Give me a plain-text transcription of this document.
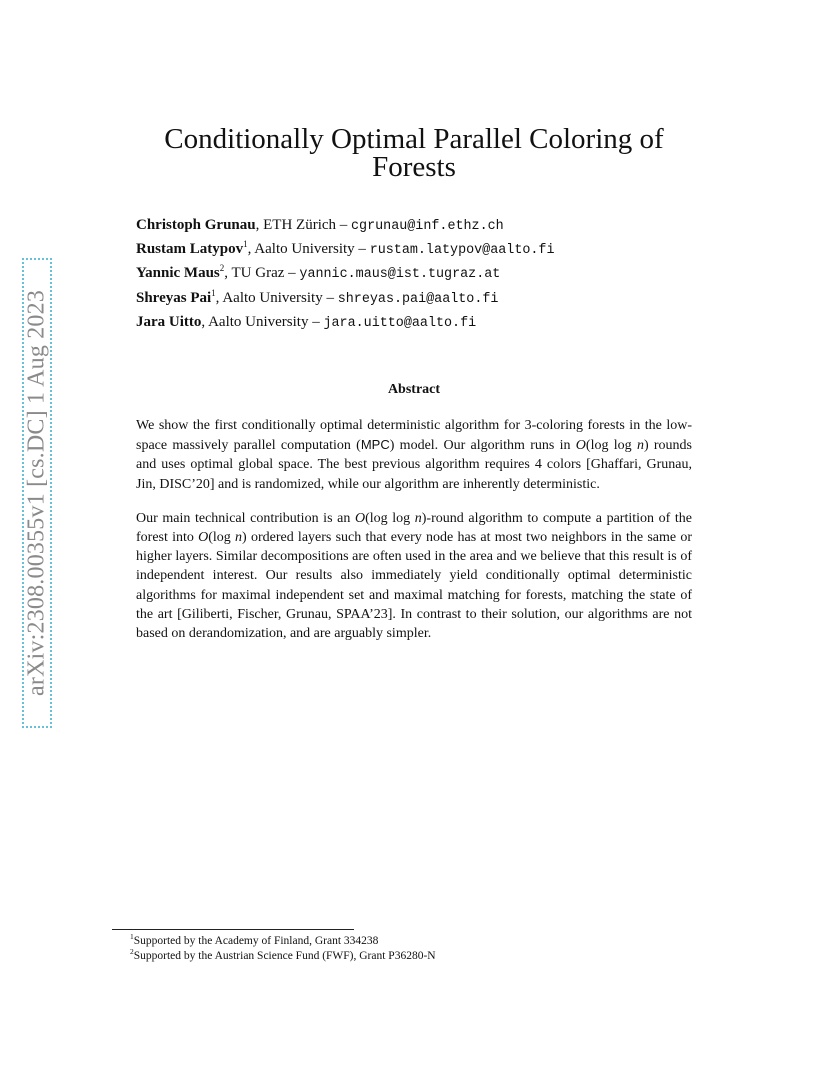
arXiv:2308.00355v1 [cs.DC] 1 Aug 2023
Conditionally Optimal Parallel Coloring of Forests
Christoph Grunau, ETH Zürich – cgrunau@inf.ethz.ch
Rustam Latypov$^1$, Aalto University – rustam.latypov@aalto.fi
Yannic Maus$^2$, TU Graz – yannic.maus@ist.tugraz.at
Shreyas Pai$^1$, Aalto University – shreyas.pai@aalto.fi
Jara Uitto, Aalto University – jara.uitto@aalto.fi
Abstract

We show the first conditionally optimal deterministic algorithm for 3-coloring forests in the low-space massively parallel computation (MPC) model. Our algorithm runs in O(log log n) rounds and uses optimal global space. The best previous algorithm requires 4 colors [Ghaffari, Grunau, Jin, DISC’20] and is randomized, while our algorithm are inherently deterministic.

Our main technical contribution is an O(log log n)-round algorithm to compute a partition of the forest into O(log n) ordered layers such that every node has at most two neighbors in the same or higher layers. Similar decompositions are often used in the area and we believe that this result is of independent interest. Our results also immediately yield conditionally optimal deterministic algorithms for maximal independent set and maximal matching for forests, matching the state of the art [Giliberti, Fischer, Grunau, SPAA’23]. In contrast to their solution, our algorithms are not based on derandomization, and are arguably simpler.

$^1$Supported by the Academy of Finland, Grant 334238
$^2$Supported by the Austrian Science Fund (FWF), Grant P36280-N
